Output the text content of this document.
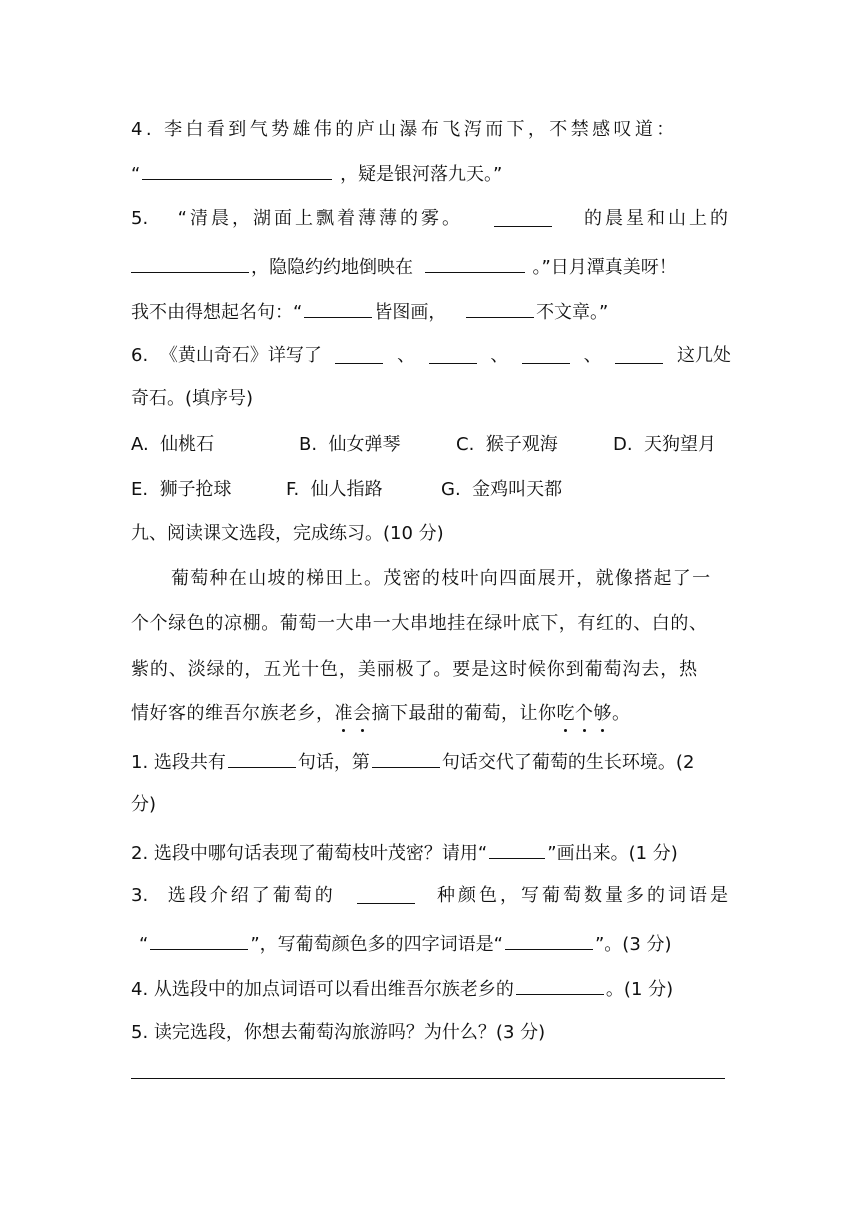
4. 李白看到气势雄伟的庐山瀑布飞泻而下，不禁感叹道：
“	，疑是银河落九天。”
5. “清晨，湖面上飘着薄薄的雾。	的晨星和山上的
，隐隐约约地倒映在	。”日月潭真美呀！
我不由得想起名句：“	皆图画，	不文章。”
6. 《黄山奇石》详写了	、	、	、	这几处
奇石。(填序号)
A. 仙桃石	B. 仙女弹琴	C. 猴子观海	D. 天狗望月
E. 狮子抢球	F. 仙人指路	G. 金鸡叫天都
九、阅读课文选段，完成练习。(10 分)
葡萄种在山坡的梯田上。茂密的枝叶向四面展开，就像搭起了一
个个绿色的凉棚。葡萄一大串一大串地挂在绿叶底下，有红的、白的、
紫的、淡绿的，五光十色，美丽极了。要是这时候你到葡萄沟去，热
情好客的维吾尔族老乡，准会摘下最甜的葡萄，让你吃个够。
1. 选段共有	句话，第	句话交代了葡萄的生长环境。(2
分)
2. 选段中哪句话表现了葡萄枝叶茂密？请用“	”画出来。(1 分)
3. 选段介绍了葡萄的	种颜色，写葡萄数量多的词语是
“	”，写葡萄颜色多的四字词语是“	”。(3 分)
4. 从选段中的加点词语可以看出维吾尔族老乡的	。(1 分)
5. 读完选段，你想去葡萄沟旅游吗？为什么？(3 分)
